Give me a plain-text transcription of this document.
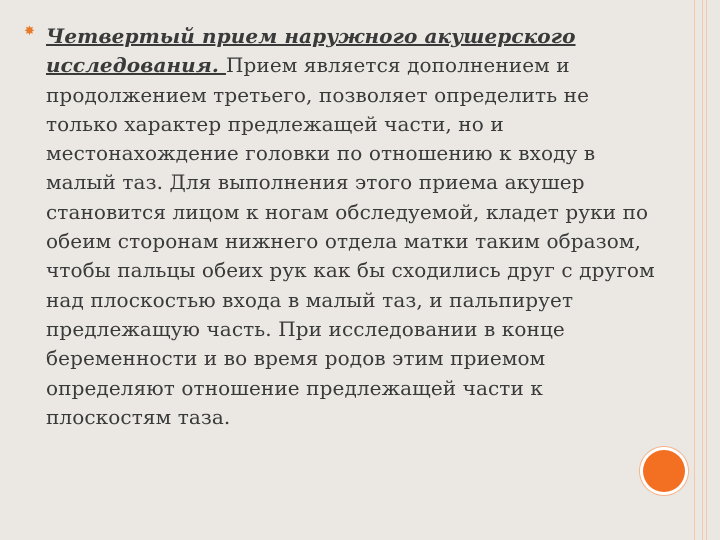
✸ Четвертый прием наружного акушерского исследования. Прием является дополнением и продолжением третьего, позволяет определить не только характер предлежащей части, но и местонахождение головки по отношению к входу в малый таз. Для выполнения этого приема акушер становится лицом к ногам обследуемой, кладет руки по обеим сторонам нижнего отдела матки таким образом, чтобы пальцы обеих рук как бы сходились друг с другом над плоскостью входа в малый таз, и пальпирует предлежащую часть. При исследовании в конце беременности и во время родов этим приемом определяют отношение предлежащей части к плоскостям таза.
